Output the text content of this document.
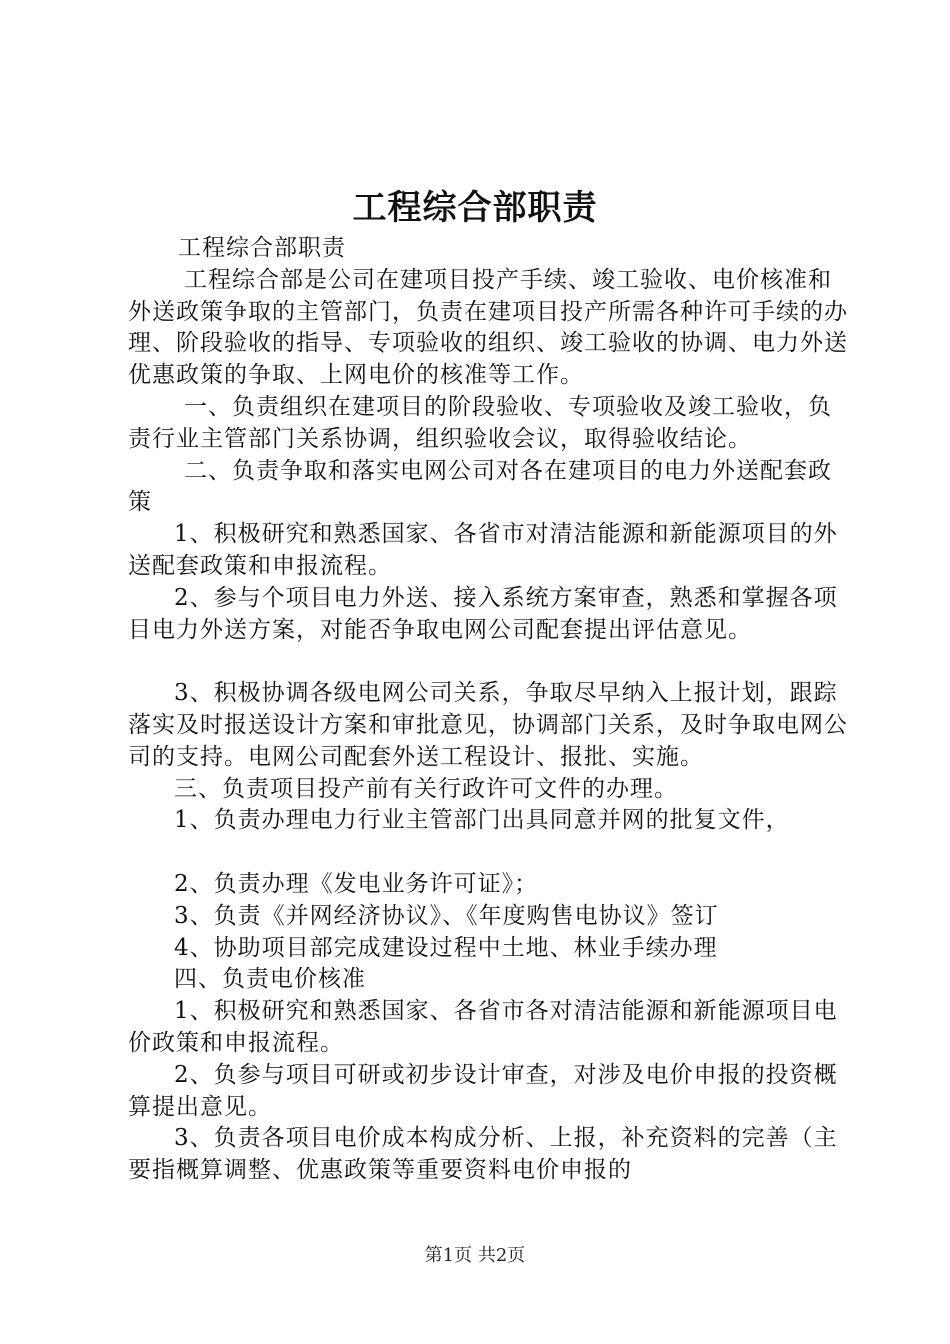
工程综合部职责

工程综合部职责

工程综合部是公司在建项目投产手续、竣工验收、电价核准和外送政策争取的主管部门，负责在建项目投产所需各种许可手续的办理、阶段验收的指导、专项验收的组织、竣工验收的协调、电力外送优惠政策的争取、上网电价的核准等工作。

一、负责组织在建项目的阶段验收、专项验收及竣工验收，负责行业主管部门关系协调，组织验收会议，取得验收结论。

二、负责争取和落实电网公司对各在建项目的电力外送配套政策

1、积极研究和熟悉国家、各省市对清洁能源和新能源项目的外送配套政策和申报流程。

2、参与个项目电力外送、接入系统方案审查，熟悉和掌握各项目电力外送方案，对能否争取电网公司配套提出评估意见。

3、积极协调各级电网公司关系，争取尽早纳入上报计划，跟踪落实及时报送设计方案和审批意见，协调部门关系，及时争取电网公司的支持。电网公司配套外送工程设计、报批、实施。

三、负责项目投产前有关行政许可文件的办理。

1、负责办理电力行业主管部门出具同意并网的批复文件，

2、负责办理《发电业务许可证》；

3、负责《并网经济协议》、《年度购售电协议》签订

4、协助项目部完成建设过程中土地、林业手续办理

四、负责电价核准

1、积极研究和熟悉国家、各省市各对清洁能源和新能源项目电价政策和申报流程。

2、负参与项目可研或初步设计审查，对涉及电价申报的投资概算提出意见。

3、负责各项目电价成本构成分析、上报，补充资料的完善（主要指概算调整、优惠政策等重要资料电价申报的

第1页 共2页
